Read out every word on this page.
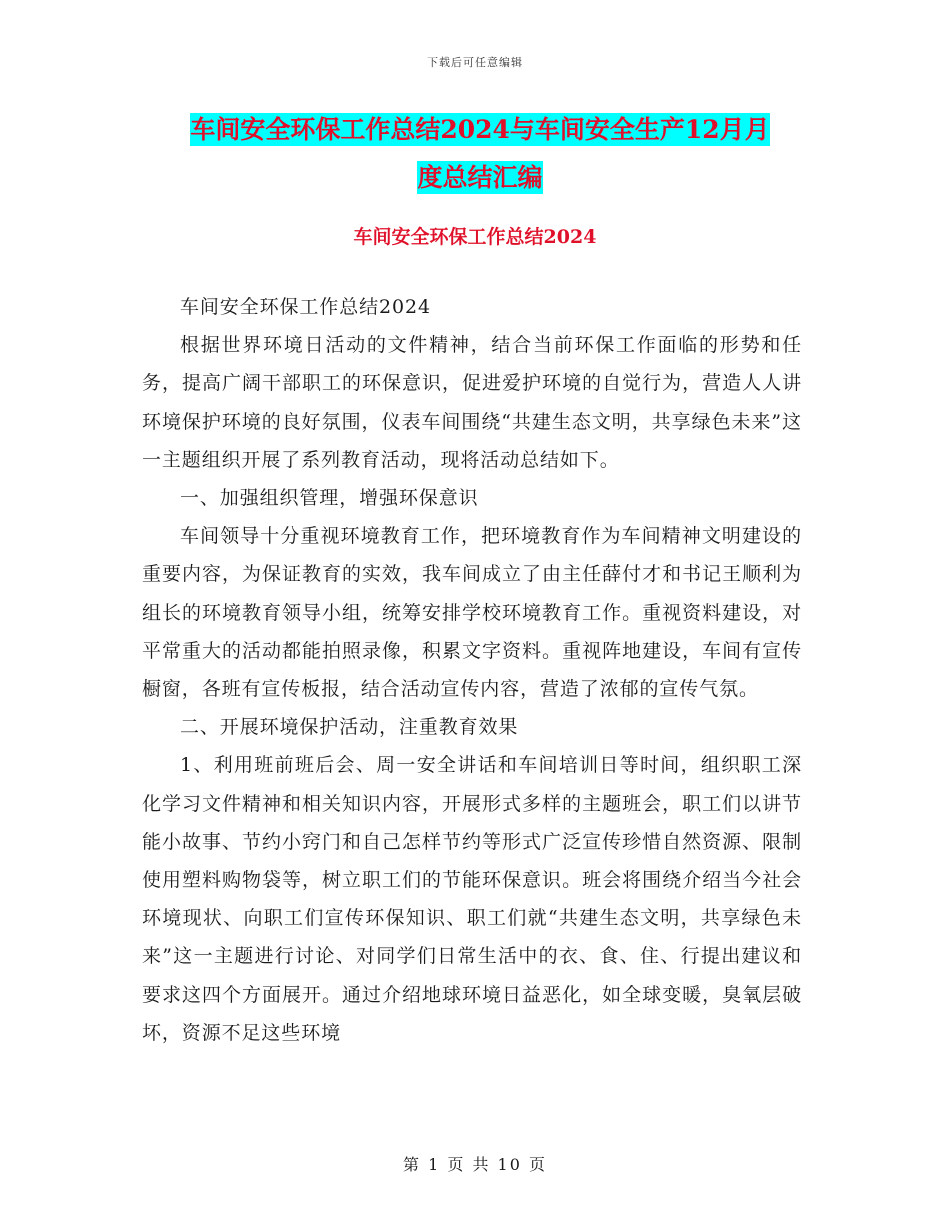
下载后可任意编辑
车间安全环保工作总结2024与车间安全生产12月月
度总结汇编
车间安全环保工作总结2024

车间安全环保工作总结2024

根据世界环境日活动的文件精神，结合当前环保工作面临的形势和任务，提高广阔干部职工的环保意识，促进爱护环境的自觉行为，营造人人讲环境保护环境的良好氛围，仪表车间围绕“共建生态文明，共享绿色未来”这一主题组织开展了系列教育活动，现将活动总结如下。

一、加强组织管理，增强环保意识

车间领导十分重视环境教育工作，把环境教育作为车间精神文明建设的重要内容，为保证教育的实效，我车间成立了由主任薛付才和书记王顺利为组长的环境教育领导小组，统筹安排学校环境教育工作。重视资料建设，对平常重大的活动都能拍照录像，积累文字资料。重视阵地建设，车间有宣传橱窗，各班有宣传板报，结合活动宣传内容，营造了浓郁的宣传气氛。

二、开展环境保护活动，注重教育效果

1、利用班前班后会、周一安全讲话和车间培训日等时间，组织职工深化学习文件精神和相关知识内容，开展形式多样的主题班会，职工们以讲节能小故事、节约小窍门和自己怎样节约等形式广泛宣传珍惜自然资源、限制使用塑料购物袋等，树立职工们的节能环保意识。班会将围绕介绍当今社会环境现状、向职工们宣传环保知识、职工们就“共建生态文明，共享绿色未来”这一主题进行讨论、对同学们日常生活中的衣、食、住、行提出建议和要求这四个方面展开。通过介绍地球环境日益恶化，如全球变暖，臭氧层破坏，资源不足这些环境

第 1 页 共 10 页
